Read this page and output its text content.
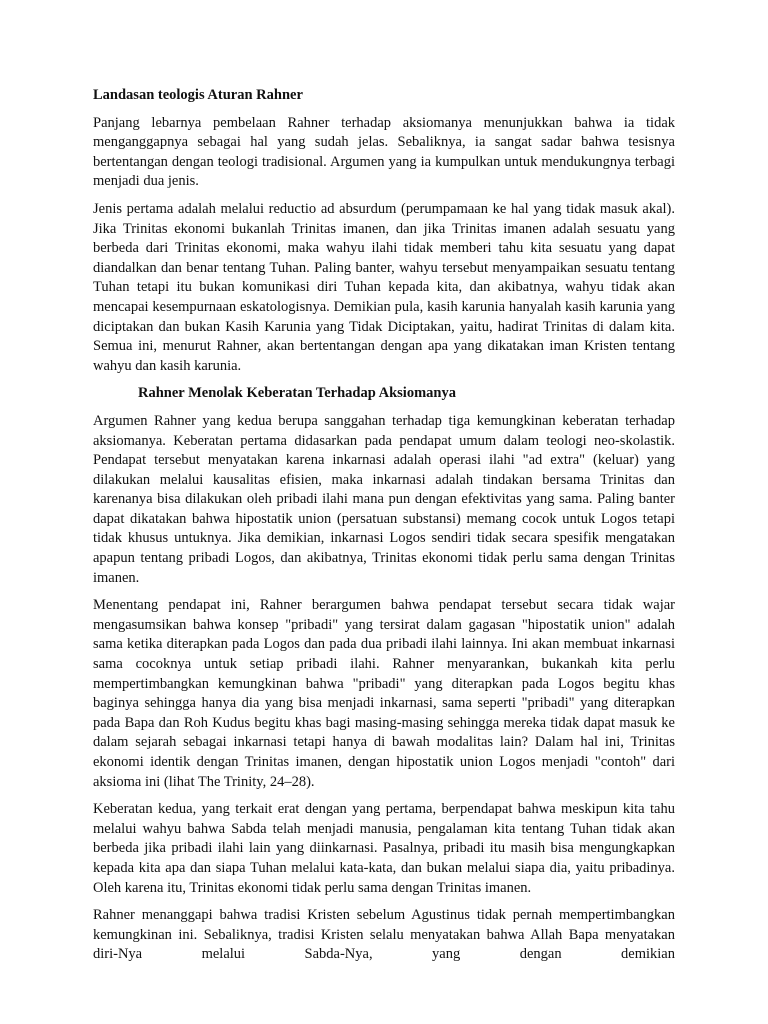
Landasan teologis Aturan Rahner

Panjang lebarnya pembelaan Rahner terhadap aksiomanya menunjukkan bahwa ia tidak menganggapnya sebagai hal yang sudah jelas. Sebaliknya, ia sangat sadar bahwa tesisnya bertentangan dengan teologi tradisional. Argumen yang ia kumpulkan untuk mendukungnya terbagi menjadi dua jenis.

Jenis pertama adalah melalui reductio ad absurdum (perumpamaan ke hal yang tidak masuk akal). Jika Trinitas ekonomi bukanlah Trinitas imanen, dan jika Trinitas imanen adalah sesuatu yang berbeda dari Trinitas ekonomi, maka wahyu ilahi tidak memberi tahu kita sesuatu yang dapat diandalkan dan benar tentang Tuhan. Paling banter, wahyu tersebut menyampaikan sesuatu tentang Tuhan tetapi itu bukan komunikasi diri Tuhan kepada kita, dan akibatnya, wahyu tidak akan mencapai kesempurnaan eskatologisnya. Demikian pula, kasih karunia hanyalah kasih karunia yang diciptakan dan bukan Kasih Karunia yang Tidak Diciptakan, yaitu, hadirat Trinitas di dalam kita. Semua ini, menurut Rahner, akan bertentangan dengan apa yang dikatakan iman Kristen tentang wahyu dan kasih karunia.

Rahner Menolak Keberatan Terhadap Aksiomanya

Argumen Rahner yang kedua berupa sanggahan terhadap tiga kemungkinan keberatan terhadap aksiomanya. Keberatan pertama didasarkan pada pendapat umum dalam teologi neo-skolastik. Pendapat tersebut menyatakan karena inkarnasi adalah operasi ilahi "ad extra" (keluar) yang dilakukan melalui kausalitas efisien, maka inkarnasi adalah tindakan bersama Trinitas dan karenanya bisa dilakukan oleh pribadi ilahi mana pun dengan efektivitas yang sama. Paling banter dapat dikatakan bahwa hipostatik union (persatuan substansi) memang cocok untuk Logos tetapi tidak khusus untuknya. Jika demikian, inkarnasi Logos sendiri tidak secara spesifik mengatakan apapun tentang pribadi Logos, dan akibatnya, Trinitas ekonomi tidak perlu sama dengan Trinitas imanen.

Menentang pendapat ini, Rahner berargumen bahwa pendapat tersebut secara tidak wajar mengasumsikan bahwa konsep "pribadi" yang tersirat dalam gagasan "hipostatik union" adalah sama ketika diterapkan pada Logos dan pada dua pribadi ilahi lainnya. Ini akan membuat inkarnasi sama cocoknya untuk setiap pribadi ilahi. Rahner menyarankan, bukankah kita perlu mempertimbangkan kemungkinan bahwa "pribadi" yang diterapkan pada Logos begitu khas baginya sehingga hanya dia yang bisa menjadi inkarnasi, sama seperti "pribadi" yang diterapkan pada Bapa dan Roh Kudus begitu khas bagi masing-masing sehingga mereka tidak dapat masuk ke dalam sejarah sebagai inkarnasi tetapi hanya di bawah modalitas lain? Dalam hal ini, Trinitas ekonomi identik dengan Trinitas imanen, dengan hipostatik union Logos menjadi "contoh" dari aksioma ini (lihat The Trinity, 24–28).

Keberatan kedua, yang terkait erat dengan yang pertama, berpendapat bahwa meskipun kita tahu melalui wahyu bahwa Sabda telah menjadi manusia, pengalaman kita tentang Tuhan tidak akan berbeda jika pribadi ilahi lain yang diinkarnasi. Pasalnya, pribadi itu masih bisa mengungkapkan kepada kita apa dan siapa Tuhan melalui kata-kata, dan bukan melalui siapa dia, yaitu pribadinya. Oleh karena itu, Trinitas ekonomi tidak perlu sama dengan Trinitas imanen.

Rahner menanggapi bahwa tradisi Kristen sebelum Agustinus tidak pernah mempertimbangkan kemungkinan ini. Sebaliknya, tradisi Kristen selalu menyatakan bahwa Allah Bapa menyatakan diri-Nya melalui Sabda-Nya, yang dengan demikian
